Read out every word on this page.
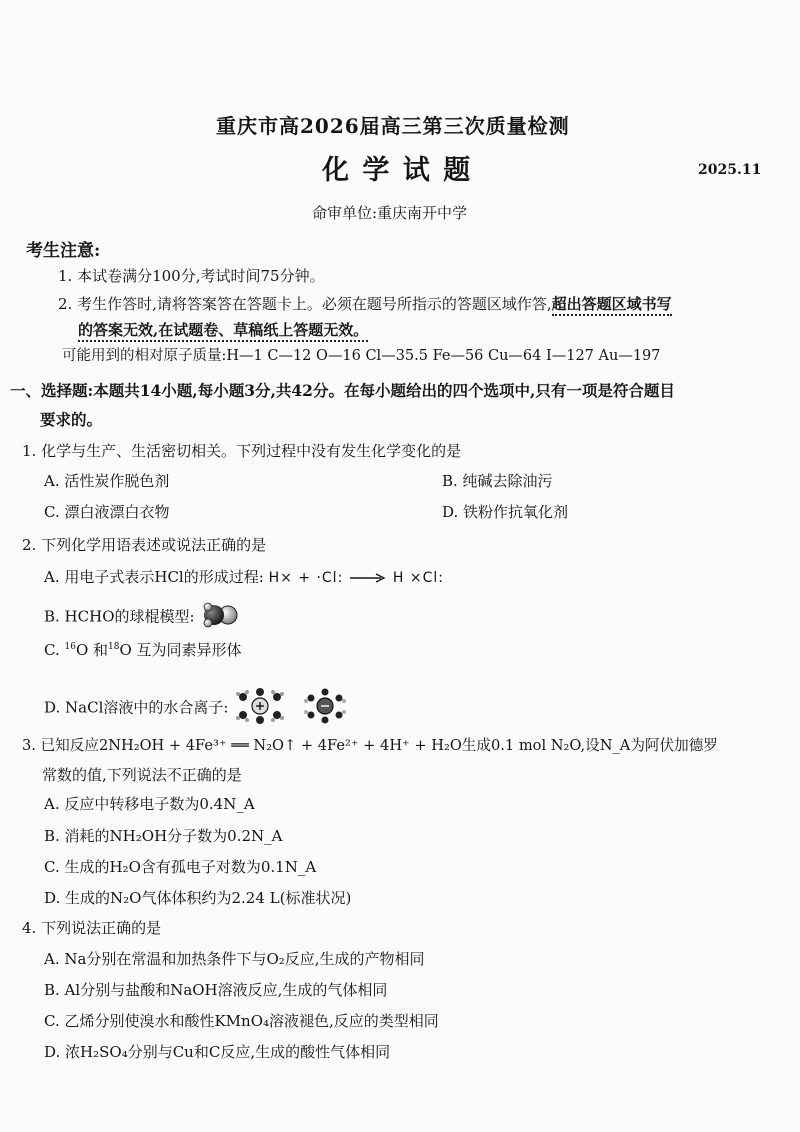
重庆市高2026届高三第三次质量检测
化 学 试 题	2025.11
命审单位:重庆南开中学
考生注意:
1. 本试卷满分100分,考试时间75分钟。
2. 考生作答时,请将答案答在答题卡上。必须在题号所指示的答题区域作答,超出答题区域书写
的答案无效,在试题卷、草稿纸上答题无效。
可能用到的相对原子质量:H—1 C—12 O—16 Cl—35.5 Fe—56 Cu—64 I—127 Au—197
一、选择题:本题共14小题,每小题3分,共42分。在每小题给出的四个选项中,只有一项是符合题目
要求的。
1. 化学与生产、生活密切相关。下列过程中没有发生化学变化的是
A. 活性炭作脱色剂	B. 纯碱去除油污
C. 漂白液漂白衣物	D. 铁粉作抗氧化剂
2. 下列化学用语表述或说法正确的是
A. 用电子式表示HCl的形成过程: H× + ·Cl: → H ×Cl:
B. HCHO的球棍模型:
C. $^{16}$O 和$^{18}$O 互为同素异形体
D. NaCl溶液中的水合离子:
3. 已知反应2NH₂OH + 4Fe³⁺ ══ N₂O↑ + 4Fe²⁺ + 4H⁺ + H₂O生成0.1 mol N₂O,设N_A为阿伏加德罗
常数的值,下列说法不正确的是
A. 反应中转移电子数为0.4N_A
B. 消耗的NH₂OH分子数为0.2N_A
C. 生成的H₂O含有孤电子对数为0.1N_A
D. 生成的N₂O气体体积约为2.24 L(标准状况)
4. 下列说法正确的是
A. Na分别在常温和加热条件下与O₂反应,生成的产物相同
B. Al分别与盐酸和NaOH溶液反应,生成的气体相同
C. 乙烯分别使溴水和酸性KMnO₄溶液褪色,反应的类型相同
D. 浓H₂SO₄分别与Cu和C反应,生成的酸性气体相同
